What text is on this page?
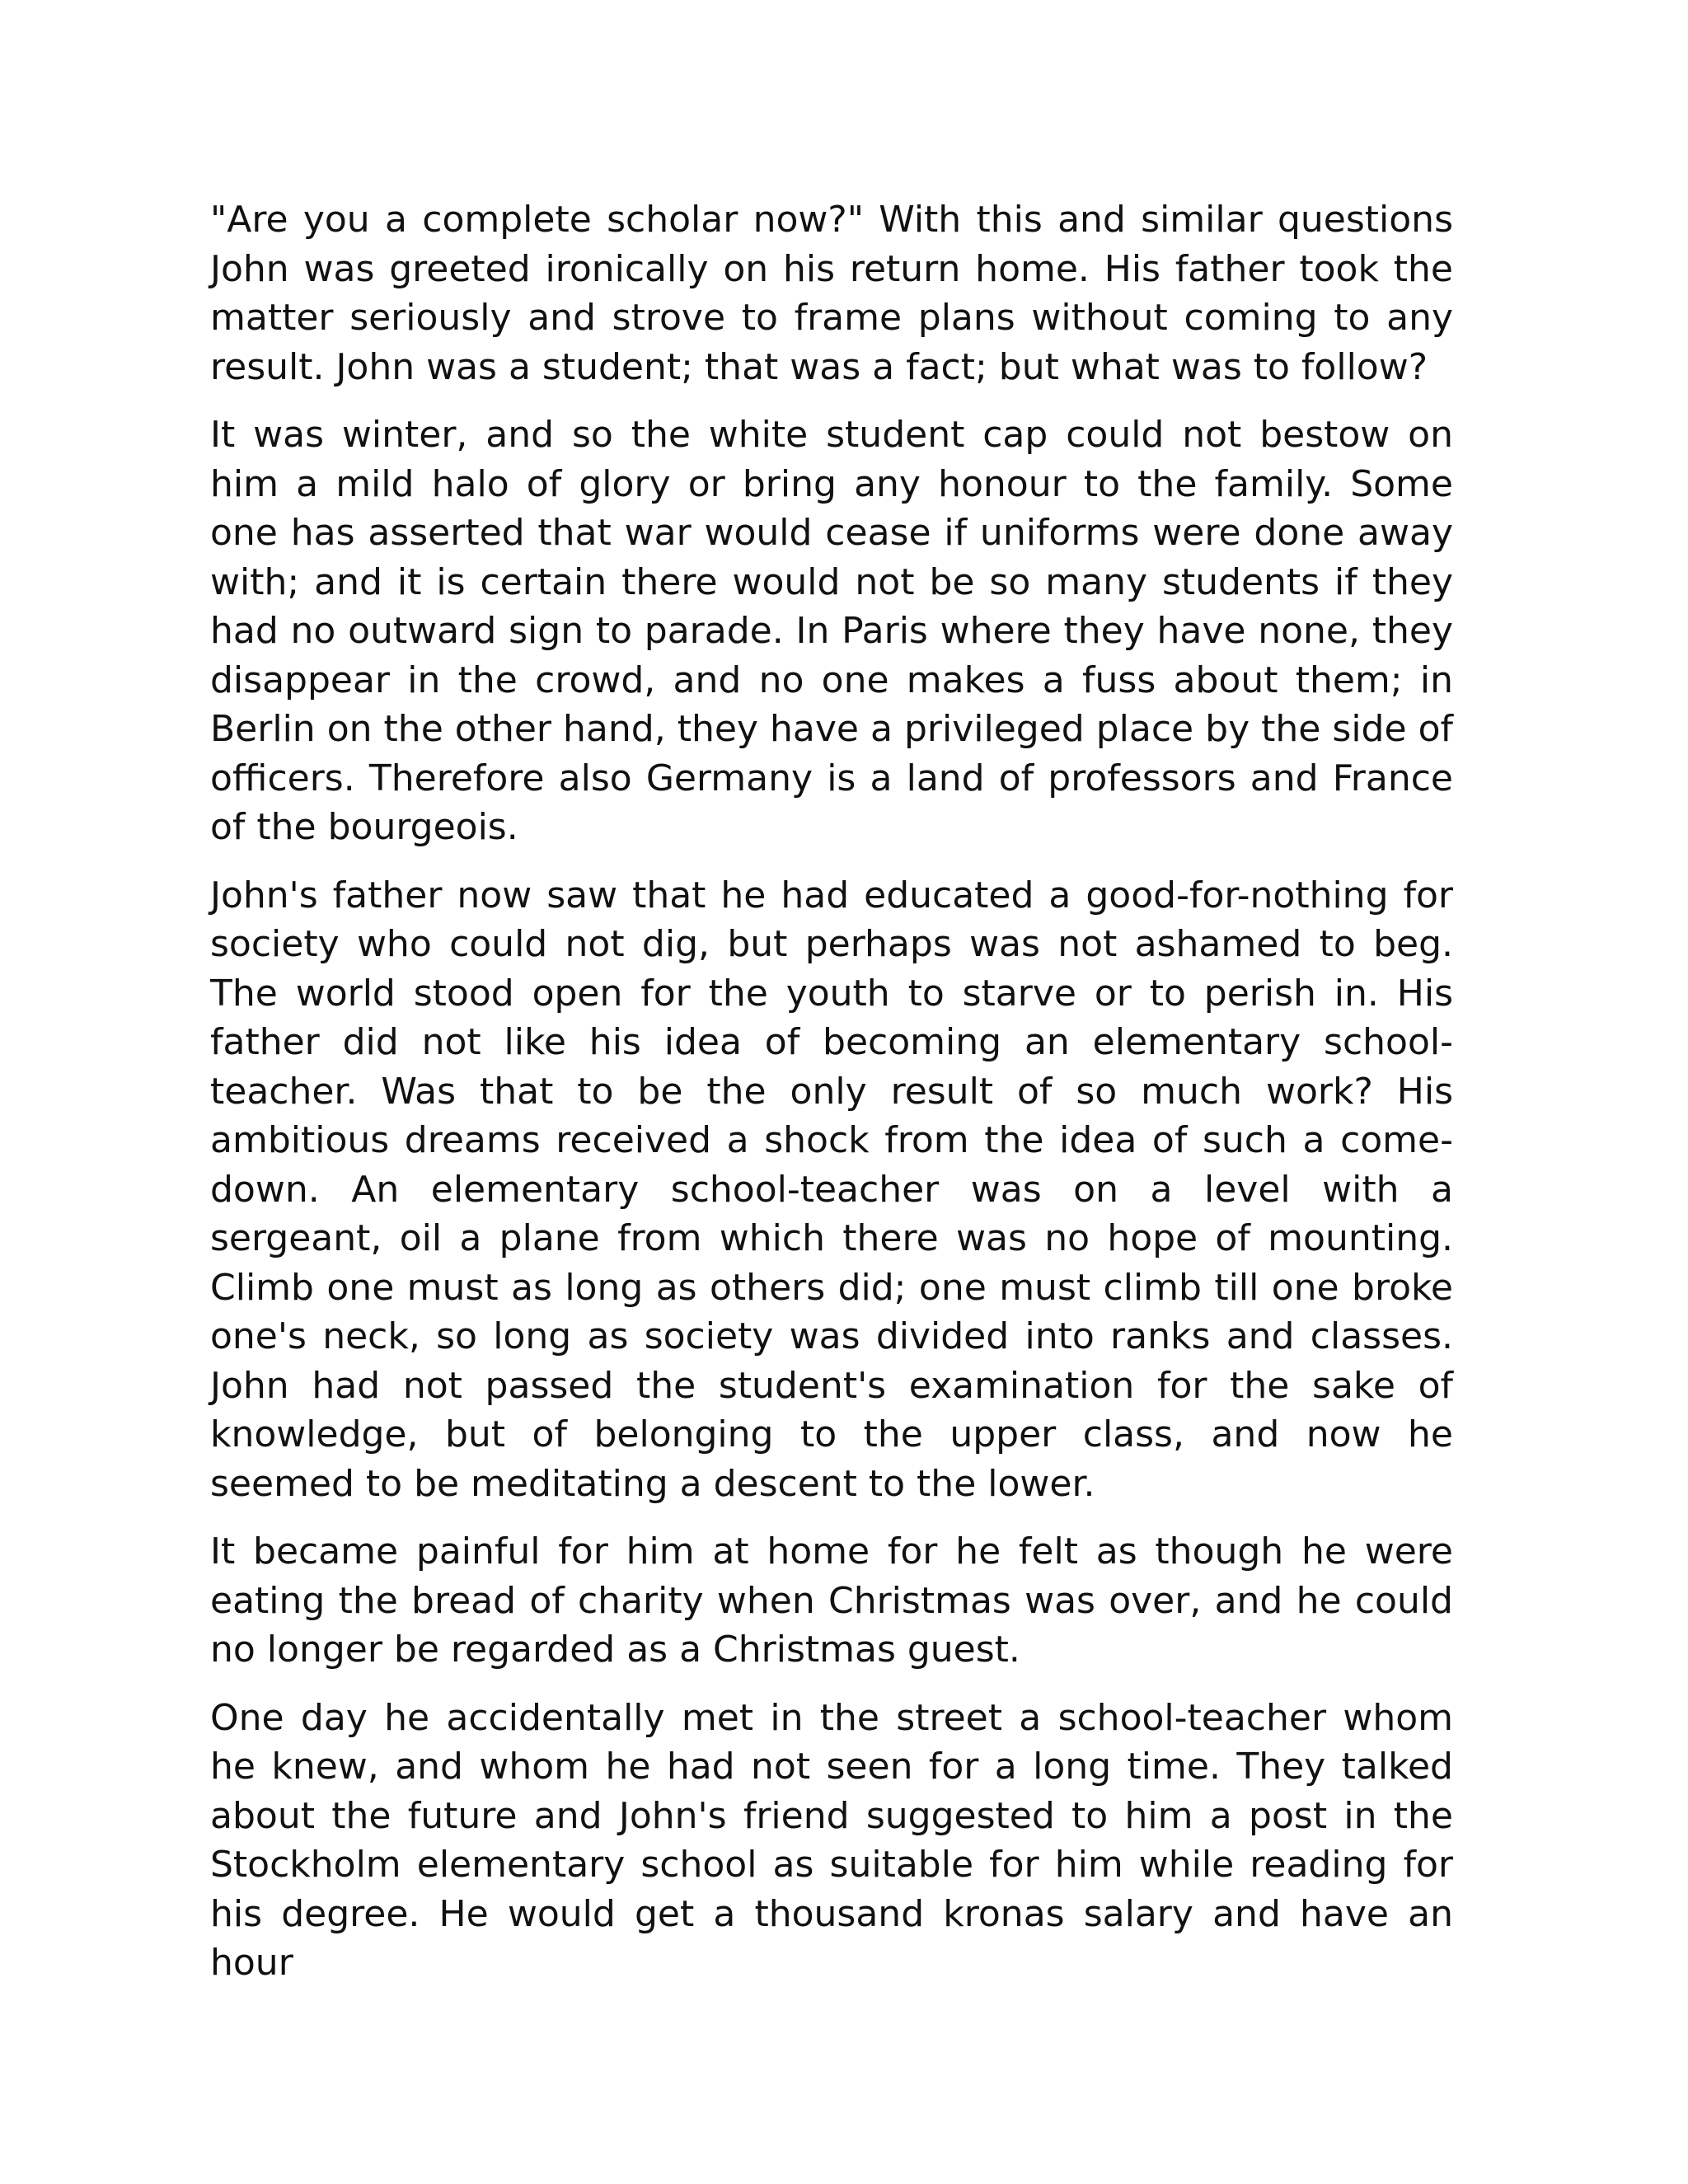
"Are you a complete scholar now?" With this and similar questions John was greeted ironically on his return home. His father took the matter seriously and strove to frame plans without coming to any result. John was a student; that was a fact; but what was to follow?

It was winter, and so the white student cap could not bestow on him a mild halo of glory or bring any honour to the family. Some one has asserted that war would cease if uniforms were done away with; and it is certain there would not be so many students if they had no outward sign to parade. In Paris where they have none, they disappear in the crowd, and no one makes a fuss about them; in Berlin on the other hand, they have a privileged place by the side of officers. Therefore also Germany is a land of professors and France of the bourgeois.

John's father now saw that he had educated a good-for-nothing for society who could not dig, but perhaps was not ashamed to beg. The world stood open for the youth to starve or to perish in. His father did not like his idea of becoming an elementary school-teacher. Was that to be the only result of so much work? His ambitious dreams received a shock from the idea of such a come-down. An elementary school-teacher was on a level with a sergeant, oil a plane from which there was no hope of mounting. Climb one must as long as others did; one must climb till one broke one's neck, so long as society was divided into ranks and classes. John had not passed the student's examination for the sake of knowledge, but of belonging to the upper class, and now he seemed to be meditating a descent to the lower.

It became painful for him at home for he felt as though he were eating the bread of charity when Christmas was over, and he could no longer be regarded as a Christmas guest.

One day he accidentally met in the street a school-teacher whom he knew, and whom he had not seen for a long time. They talked about the future and John's friend suggested to him a post in the Stockholm elementary school as suitable for him while reading for his degree. He would get a thousand kronas salary and have an hour
